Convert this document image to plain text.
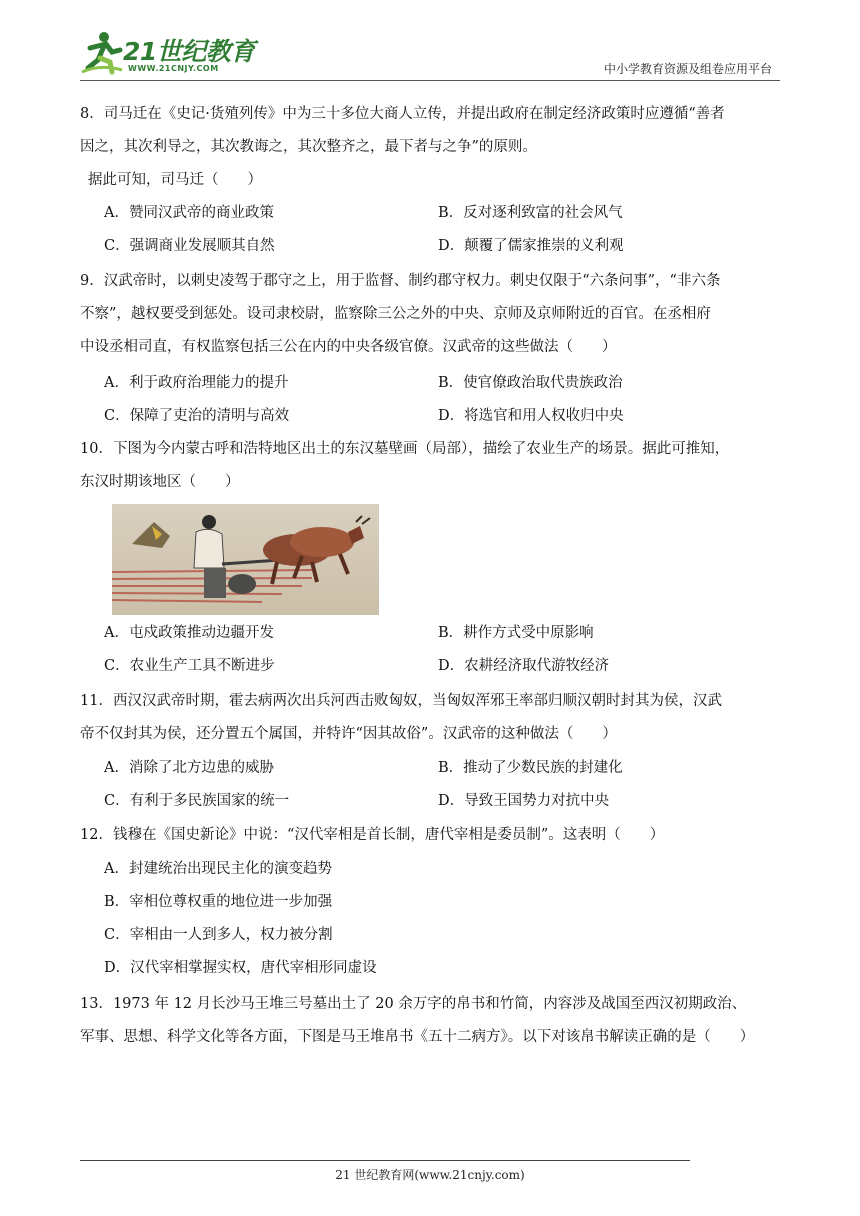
21世纪教育
WWW.21CNJY.COM	中小学教育资源及组卷应用平台
8．司马迁在《史记·货殖列传》中为三十多位大商人立传，并提出政府在制定经济政策时应遵循“善者
因之，其次利导之，其次教诲之，其次整齐之，最下者与之争”的原则。
据此可知，司马迁（　　）
A．赞同汉武帝的商业政策	B．反对逐利致富的社会风气
C．强调商业发展顺其自然	D．颠覆了儒家推崇的义利观
9．汉武帝时，以刺史凌驾于郡守之上，用于监督、制约郡守权力。刺史仅限于“六条问事”，“非六条
不察”，越权要受到惩处。设司隶校尉，监察除三公之外的中央、京师及京师附近的百官。在丞相府
中设丞相司直，有权监察包括三公在内的中央各级官僚。汉武帝的这些做法（　　）
A．利于政府治理能力的提升	B．使官僚政治取代贵族政治
C．保障了吏治的清明与高效	D．将选官和用人权收归中央
10．下图为今内蒙古呼和浩特地区出土的东汉墓壁画（局部），描绘了农业生产的场景。据此可推知，
东汉时期该地区（　　）
A．屯戍政策推动边疆开发	B．耕作方式受中原影响
C．农业生产工具不断进步	D．农耕经济取代游牧经济
11．西汉汉武帝时期，霍去病两次出兵河西击败匈奴，当匈奴浑邪王率部归顺汉朝时封其为侯，汉武
帝不仅封其为侯，还分置五个属国，并特许“因其故俗”。汉武帝的这种做法（　　）
A．消除了北方边患的威胁	B．推动了少数民族的封建化
C．有利于多民族国家的统一	D．导致王国势力对抗中央
12．钱穆在《国史新论》中说：“汉代宰相是首长制，唐代宰相是委员制”。这表明（　　）
A．封建统治出现民主化的演变趋势
B．宰相位尊权重的地位进一步加强
C．宰相由一人到多人，权力被分割
D．汉代宰相掌握实权，唐代宰相形同虚设
13．1973 年 12 月长沙马王堆三号墓出土了 20 余万字的帛书和竹简，内容涉及战国至西汉初期政治、
军事、思想、科学文化等各方面，下图是马王堆帛书《五十二病方》。以下对该帛书解读正确的是（　　）
21 世纪教育网(www.21cnjy.com)
